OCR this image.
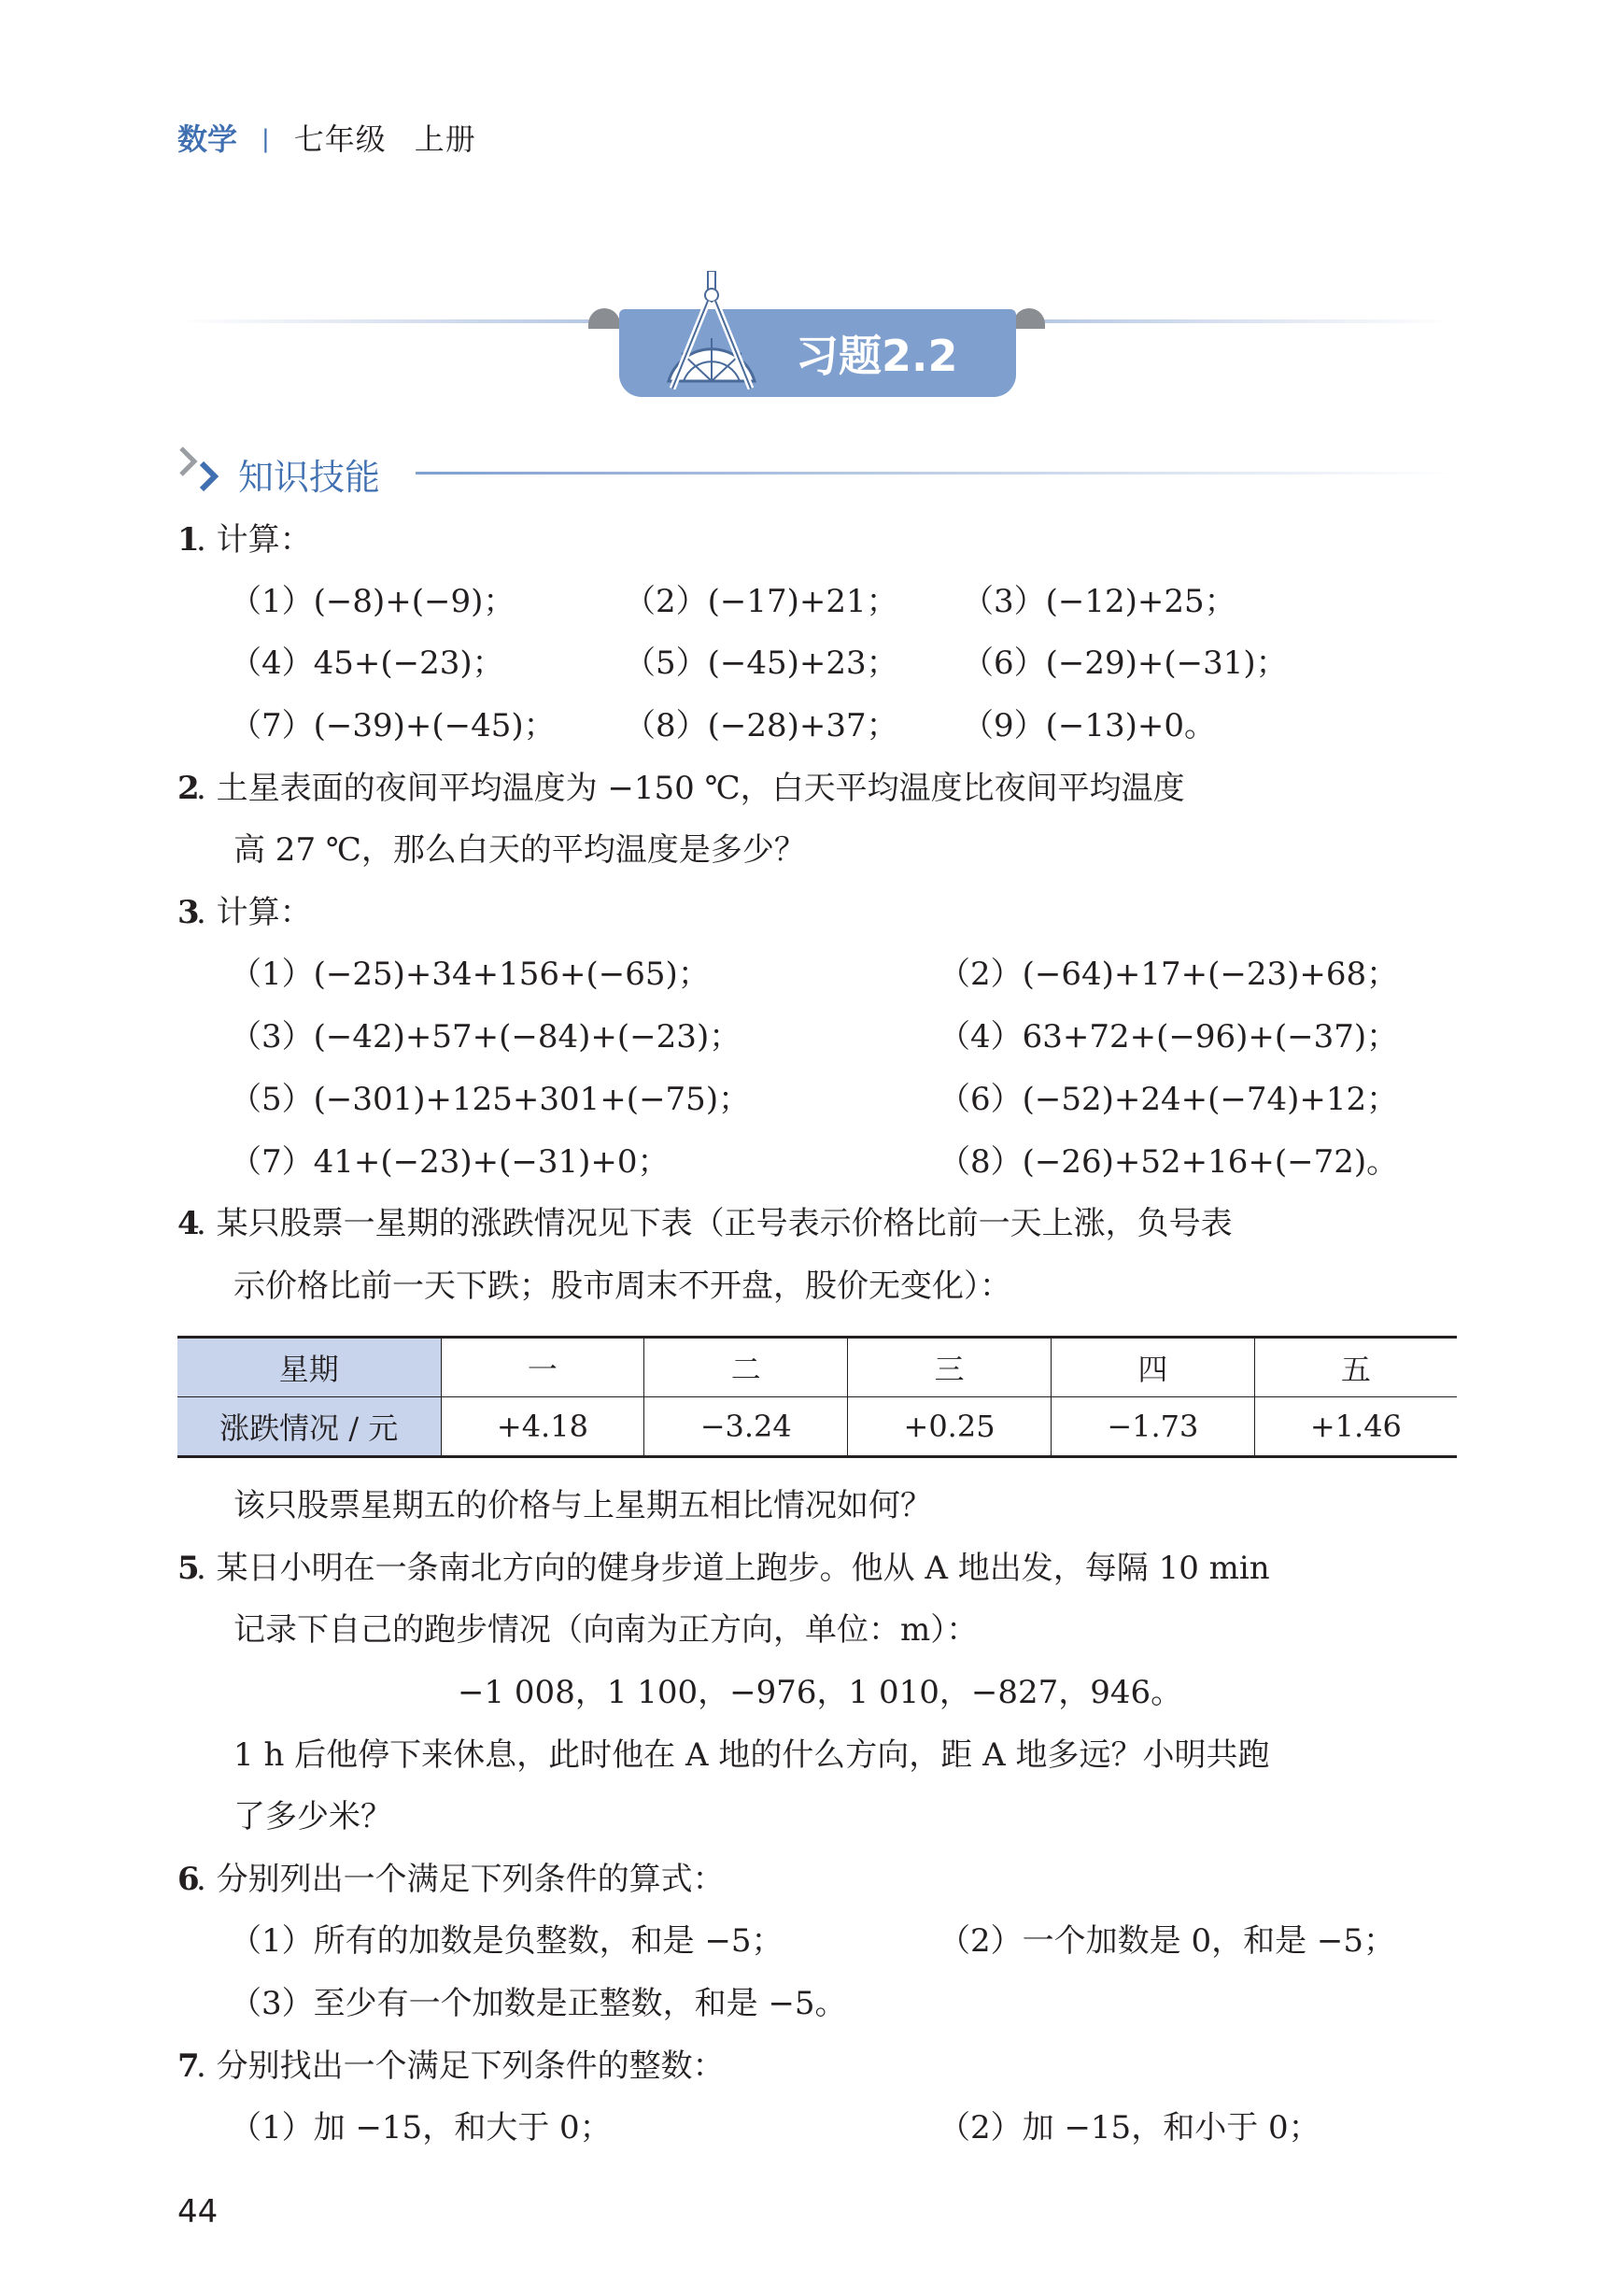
数学 | 七年级 上册
习题2.2
知识技能
1
. 计算：
（1）(−8)+(−9)；	（2）(−17)+21； （3）(−12)+25；
（4）45+(−23)；	（5）(−45)+23； （6）(−29)+(−31)；
（7）(−39)+(−45)； （8）(−28)+37； （9）(−13)+0。
2
. 土星表面的夜间平均温度为 −150 ℃，白天平均温度比夜间平均温度
高 27 ℃，那么白天的平均温度是多少？
3
. 计算：
（1）(−25)+34+156+(−65)；	（2）(−64)+17+(−23)+68；
（3）(−42)+57+(−84)+(−23)；	（4）63+72+(−96)+(−37)；
（5）(−301)+125+301+(−75)；	（6）(−52)+24+(−74)+12；
（7）41+(−23)+(−31)+0；	（8）(−26)+52+16+(−72)。
4
. 某只股票一星期的涨跌情况见下表（正号表示价格比前一天上涨，负号表
示价格比前一天下跌；股市周末不开盘，股价无变化）：
星期	一	二	三	四	五
涨跌情况 / 元	+4.18	−3.24	+0.25	−1.73	+1.46
该只股票星期五的价格与上星期五相比情况如何？
5
. 某日小明在一条南北方向的健身步道上跑步。他从 A 地出发，每隔 10 min
记录下自己的跑步情况（向南为正方向，单位：m）：
−1 008，1 100，−976，1 010，−827，946。
1 h 后他停下来休息，此时他在 A 地的什么方向，距 A 地多远？小明共跑
了多少米？
6
. 分别列出一个满足下列条件的算式：
（1）所有的加数是负整数，和是 −5；	（2）一个加数是 0，和是 −5；
（3）至少有一个加数是正整数，和是 −5。
7
. 分别找出一个满足下列条件的整数：
（1）加 −15，和大于 0；	（2）加 −15，和小于 0；
44
